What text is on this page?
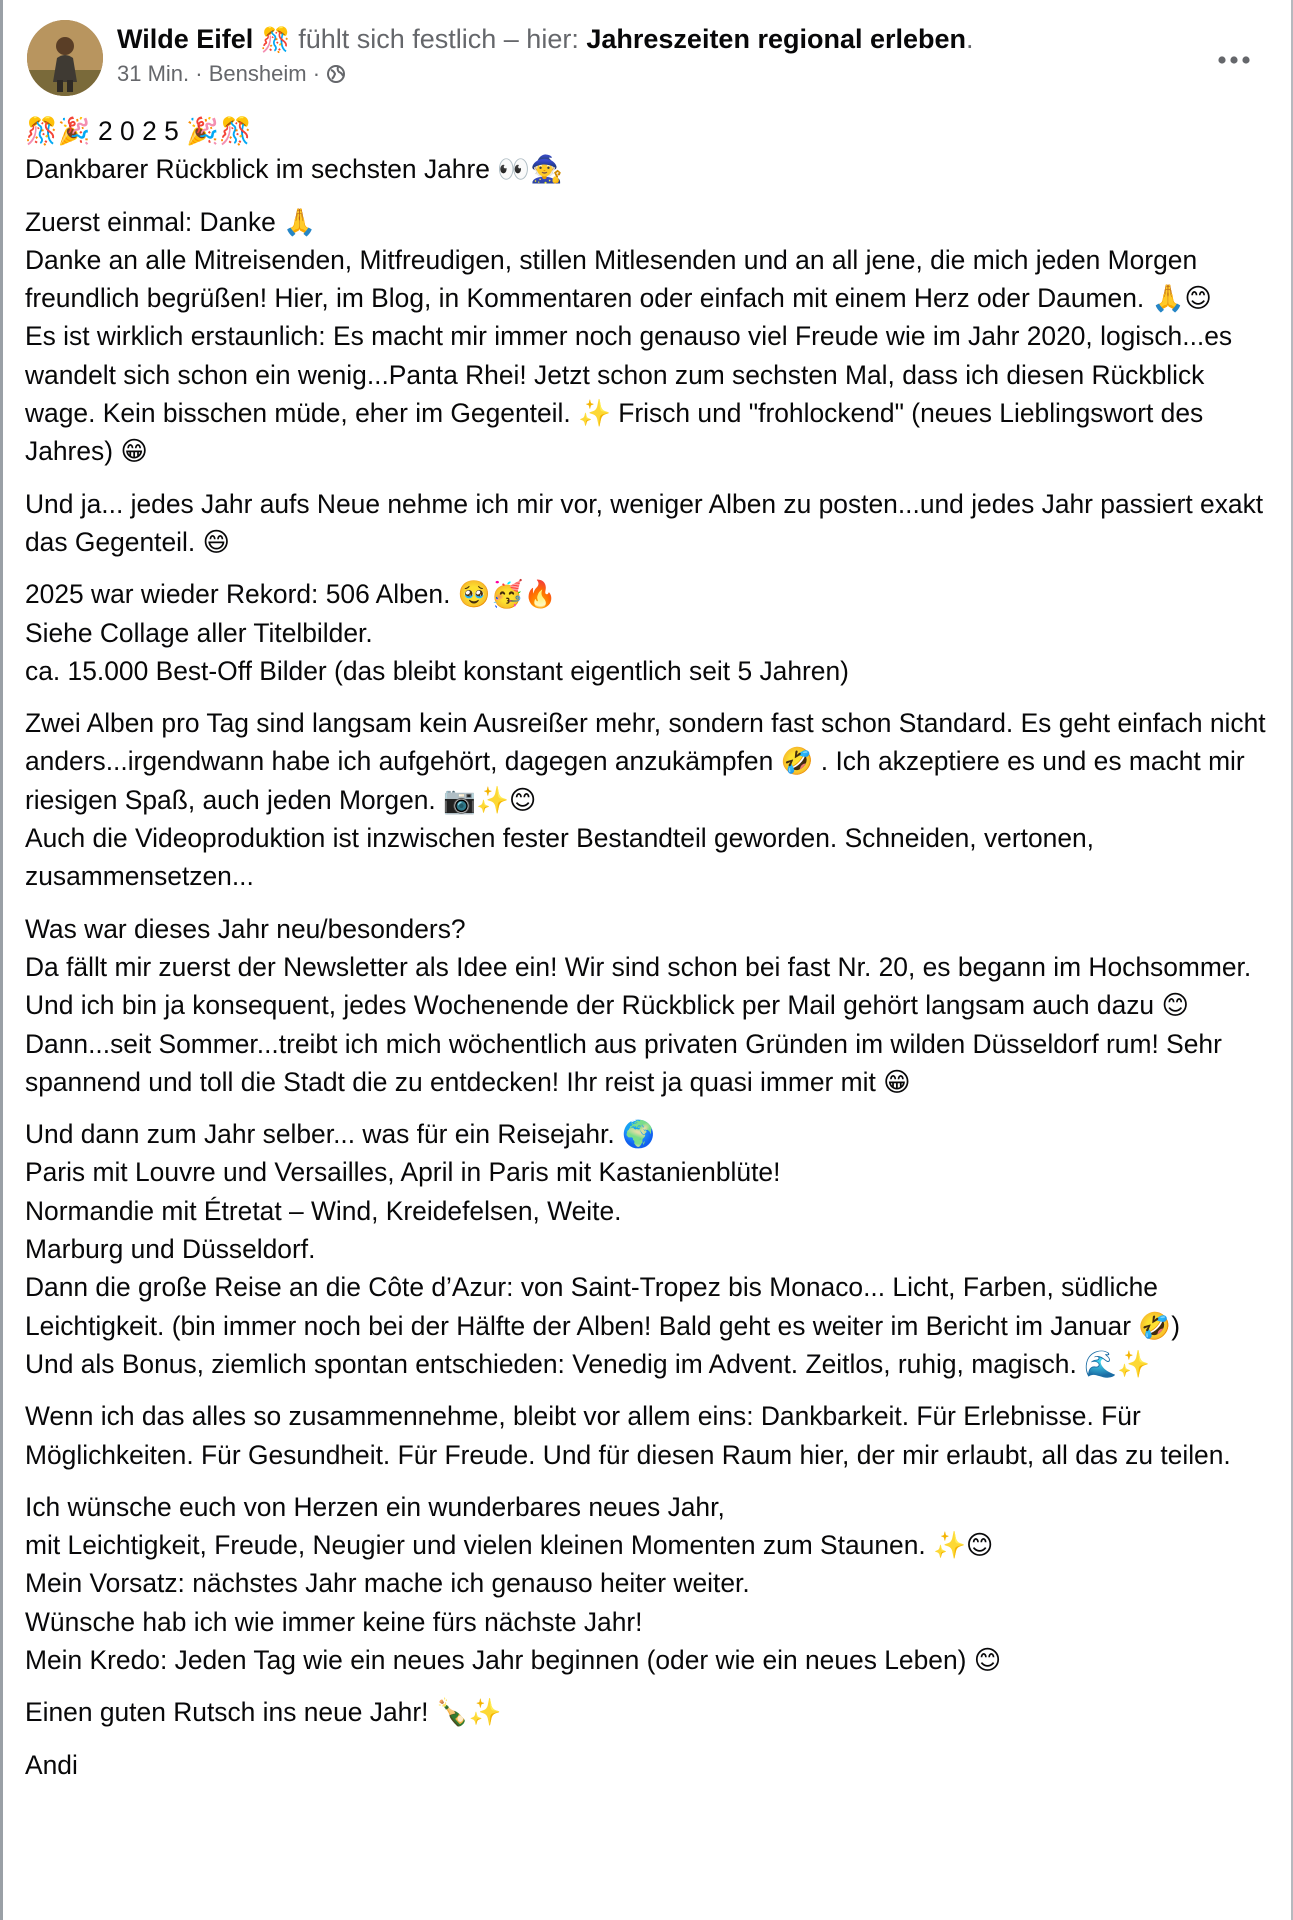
Wilde Eifel 🎊 fühlt sich festlich – hier: Jahreszeiten regional erleben.
31 Min. · Bensheim ·

🎊🎉 2 0 2 5 🎉🎊
Dankbarer Rückblick im sechsten Jahre 👀🧙

Zuerst einmal: Danke 🙏
Danke an alle Mitreisenden, Mitfreudigen, stillen Mitlesenden und an all jene, die mich jeden Morgen freundlich begrüßen! Hier, im Blog, in Kommentaren oder einfach mit einem Herz oder Daumen. 🙏😊
Es ist wirklich erstaunlich: Es macht mir immer noch genauso viel Freude wie im Jahr 2020, logisch...es wandelt sich schon ein wenig...Panta Rhei! Jetzt schon zum sechsten Mal, dass ich diesen Rückblick wage. Kein bisschen müde, eher im Gegenteil. ✨ Frisch und "frohlockend" (neues Lieblingswort des Jahres) 😁

Und ja... jedes Jahr aufs Neue nehme ich mir vor, weniger Alben zu posten...und jedes Jahr passiert exakt das Gegenteil. 😄

2025 war wieder Rekord: 506 Alben. 🥹🥳🔥
Siehe Collage aller Titelbilder.
ca. 15.000 Best-Off Bilder (das bleibt konstant eigentlich seit 5 Jahren)

Zwei Alben pro Tag sind langsam kein Ausreißer mehr, sondern fast schon Standard. Es geht einfach nicht anders...irgendwann habe ich aufgehört, dagegen anzukämpfen 🤣 . Ich akzeptiere es und es macht mir riesigen Spaß, auch jeden Morgen. 📷✨😊
Auch die Videoproduktion ist inzwischen fester Bestandteil geworden. Schneiden, vertonen, zusammensetzen...

Was war dieses Jahr neu/besonders?
Da fällt mir zuerst der Newsletter als Idee ein! Wir sind schon bei fast Nr. 20, es begann im Hochsommer. Und ich bin ja konsequent, jedes Wochenende der Rückblick per Mail gehört langsam auch dazu 😊
Dann...seit Sommer...treibt ich mich wöchentlich aus privaten Gründen im wilden Düsseldorf rum! Sehr spannend und toll die Stadt die zu entdecken! Ihr reist ja quasi immer mit 😁

Und dann zum Jahr selber... was für ein Reisejahr. 🌍
Paris mit Louvre und Versailles, April in Paris mit Kastanienblüte!
Normandie mit Étretat – Wind, Kreidefelsen, Weite.
Marburg und Düsseldorf.
Dann die große Reise an die Côte d’Azur: von Saint-Tropez bis Monaco... Licht, Farben, südliche Leichtigkeit. (bin immer noch bei der Hälfte der Alben! Bald geht es weiter im Bericht im Januar 🤣)
Und als Bonus, ziemlich spontan entschieden: Venedig im Advent. Zeitlos, ruhig, magisch. 🌊✨

Wenn ich das alles so zusammennehme, bleibt vor allem eins: Dankbarkeit. Für Erlebnisse. Für Möglichkeiten. Für Gesundheit. Für Freude. Und für diesen Raum hier, der mir erlaubt, all das zu teilen.

Ich wünsche euch von Herzen ein wunderbares neues Jahr,
mit Leichtigkeit, Freude, Neugier und vielen kleinen Momenten zum Staunen. ✨😊
Mein Vorsatz: nächstes Jahr mache ich genauso heiter weiter.
Wünsche hab ich wie immer keine fürs nächste Jahr!
Mein Kredo: Jeden Tag wie ein neues Jahr beginnen (oder wie ein neues Leben) 😊

Einen guten Rutsch ins neue Jahr! 🍾✨

Andi
